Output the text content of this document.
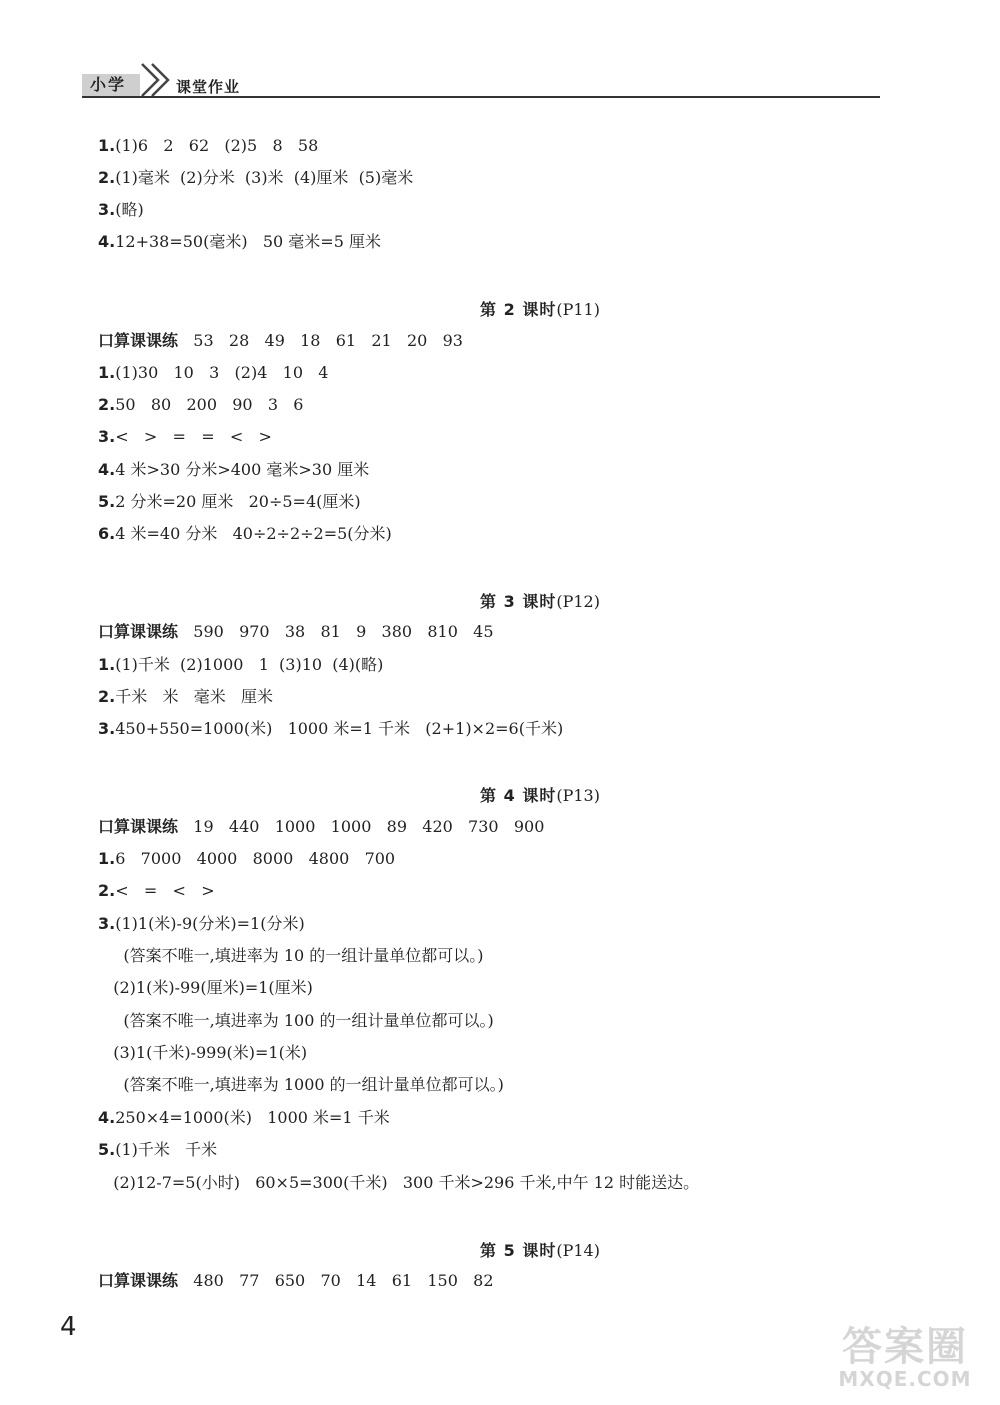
小学	课堂作业
1.(1)6   2   62   (2)5   8   58
2.(1)毫米  (2)分米  (3)米  (4)厘米  (5)毫米
3.(略)
4.12+38=50(毫米)   50 毫米=5 厘米
第 2 课时(P11)
口算课课练   53   28   49   18   61   21   20   93
1.(1)30   10   3   (2)4   10   4
2.50   80   200   90   3   6
3.<   >   =   =   <   >
4.4 米>30 分米>400 毫米>30 厘米
5.2 分米=20 厘米   20÷5=4(厘米)
6.4 米=40 分米   40÷2÷2÷2=5(分米)
第 3 课时(P12)
口算课课练   590   970   38   81   9   380   810   45
1.(1)千米  (2)1000   1  (3)10  (4)(略)
2.千米   米   毫米   厘米
3.450+550=1000(米)   1000 米=1 千米   (2+1)×2=6(千米)
第 4 课时(P13)
口算课课练   19   440   1000   1000   89   420   730   900
1.6   7000   4000   8000   4800   700
2.<   =   <   >
3.(1)1(米)-9(分米)=1(分米)
(答案不唯一,填进率为 10 的一组计量单位都可以。)
(2)1(米)-99(厘米)=1(厘米)
(答案不唯一,填进率为 100 的一组计量单位都可以。)
(3)1(千米)-999(米)=1(米)
(答案不唯一,填进率为 1000 的一组计量单位都可以。)
4.250×4=1000(米)   1000 米=1 千米
5.(1)千米   千米
(2)12-7=5(小时)   60×5=300(千米)   300 千米>296 千米,中午 12 时能送达。
第 5 课时(P14)
口算课课练   480   77   650   70   14   61   150   82
4	答案圈
MXQE.COM
